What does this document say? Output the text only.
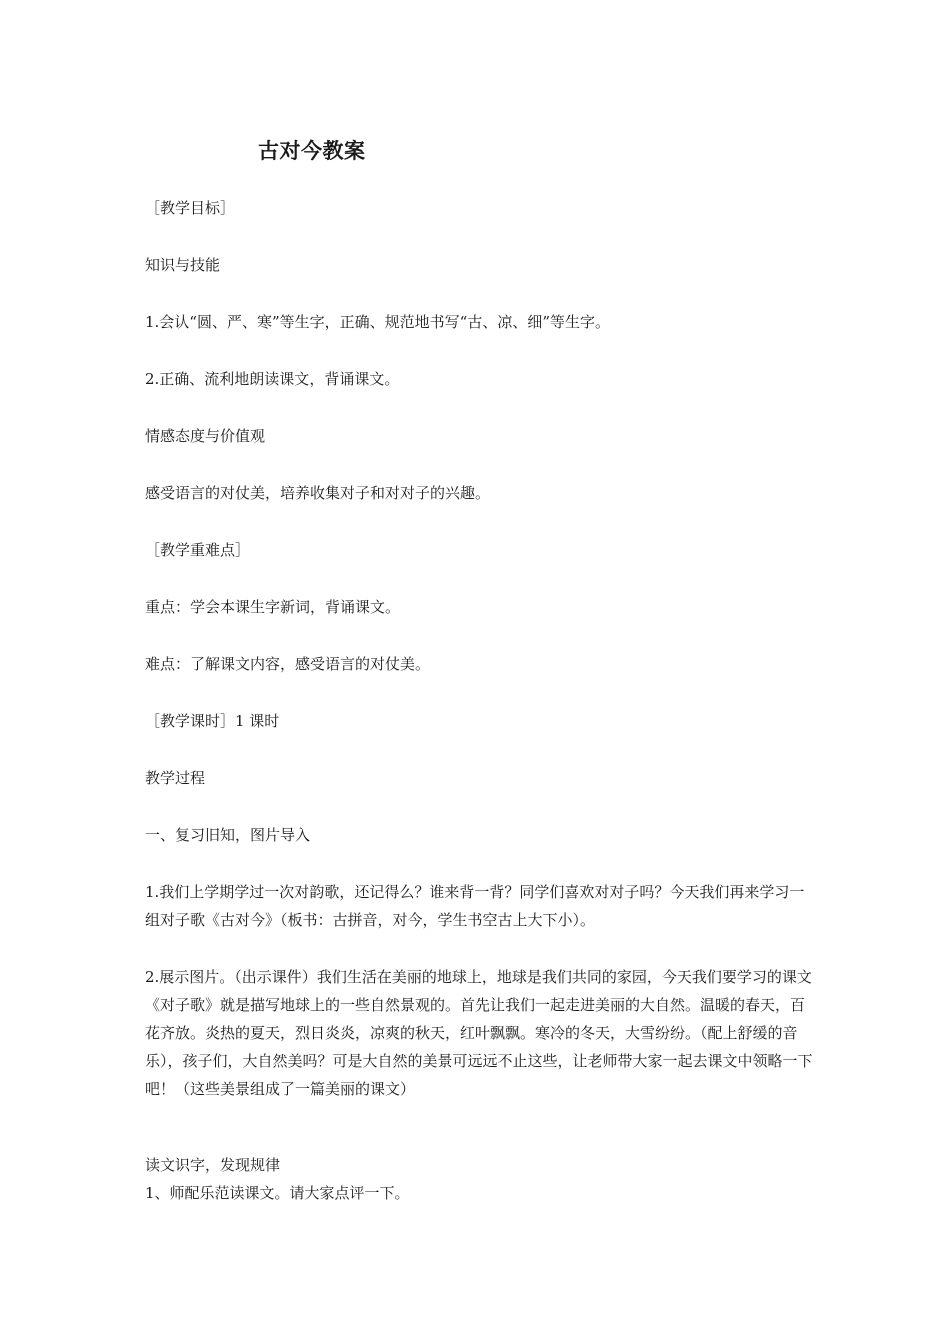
古对今教案

［教学目标］

知识与技能

1.会认“圆、严、寒”等生字，正确、规范地书写“古、凉、细”等生字。

2.正确、流利地朗读课文，背诵课文。

情感态度与价值观

感受语言的对仗美，培养收集对子和对对子的兴趣。

［教学重难点］

重点：学会本课生字新词，背诵课文。

难点：了解课文内容，感受语言的对仗美。

［教学课时］1 课时

教学过程

一、复习旧知，图片导入

1.我们上学期学过一次对韵歌，还记得么？谁来背一背？同学们喜欢对对子吗？今天我们再来学习一组对子歌《古对今》（板书：古拼音，对今，学生书空古上大下小）。

2.展示图片。（出示课件）我们生活在美丽的地球上，地球是我们共同的家园，今天我们要学习的课文《对子歌》就是描写地球上的一些自然景观的。首先让我们一起走进美丽的大自然。温暖的春天，百花齐放。炎热的夏天，烈日炎炎，凉爽的秋天，红叶飘飘。寒冷的冬天，大雪纷纷。（配上舒缓的音乐），孩子们，大自然美吗？可是大自然的美景可远远不止这些，让老师带大家一起去课文中领略一下吧！（这些美景组成了一篇美丽的课文）

读文识字，发现规律

1、师配乐范读课文。请大家点评一下。
